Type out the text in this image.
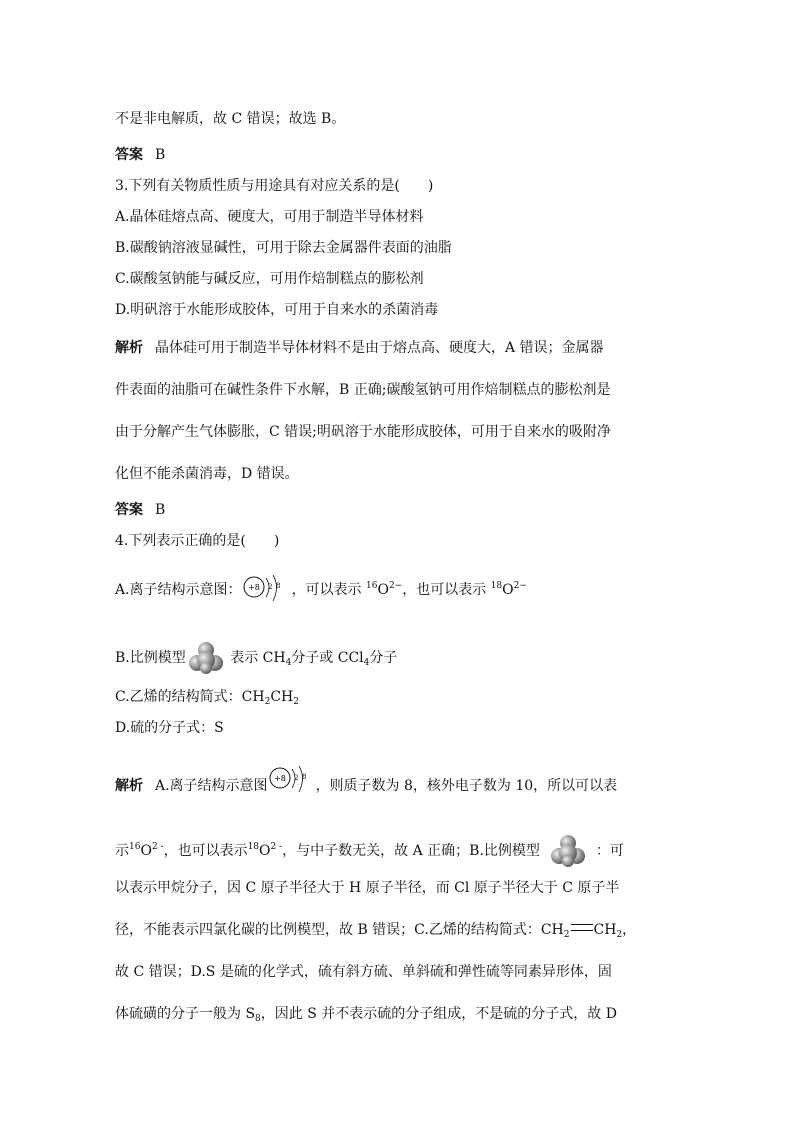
不是非电解质，故 C 错误；故选 B。
答案 B
3.下列有关物质性质与用途具有对应关系的是(　　)
A.晶体硅熔点高、硬度大，可用于制造半导体材料
B.碳酸钠溶液显碱性，可用于除去金属器件表面的油脂
C.碳酸氢钠能与碱反应，可用作焙制糕点的膨松剂
D.明矾溶于水能形成胶体，可用于自来水的杀菌消毒
解析 晶体硅可用于制造半导体材料不是由于熔点高、硬度大，A 错误；金属器
件表面的油脂可在碱性条件下水解，B 正确;碳酸氢钠可用作焙制糕点的膨松剂是
由于分解产生气体膨胀，C 错误;明矾溶于水能形成胶体，可用于自来水的吸附净
化但不能杀菌消毒，D 错误。
答案 B
4.下列表示正确的是(　　)
A.离子结构示意图： +8 2 8 ，可以表示 $^{16}O^{2-}$，也可以表示 $^{18}O^{2-}$
B.比例模型	表示 $CH_4$分子或 CCl$_4$分子
C.乙烯的结构简式：$CH_2CH_2$
D.硫的分子式：S
解析 A.离子结构示意图 +8 2 8
，则质子数为 8，核外电子数为 10，所以可以表
示$^{16}O^{2 -}$，也可以表示$^{18}O^{2 -}$，与中子数无关，故 A 正确；B.比例模型	：可
以表示甲烷分子，因 C 原子半径大于 H 原子半径，而 Cl 原子半径大于 C 原子半
径，不能表示四氯化碳的比例模型，故 B 错误；C.乙烯的结构简式：$CH_2$ $CH_2$，
故 C 错误；D.S 是硫的化学式，硫有斜方硫、单斜硫和弹性硫等同素异形体，固
体硫磺的分子一般为 $S_8$，因此 S 并不表示硫的分子组成，不是硫的分子式，故 D
